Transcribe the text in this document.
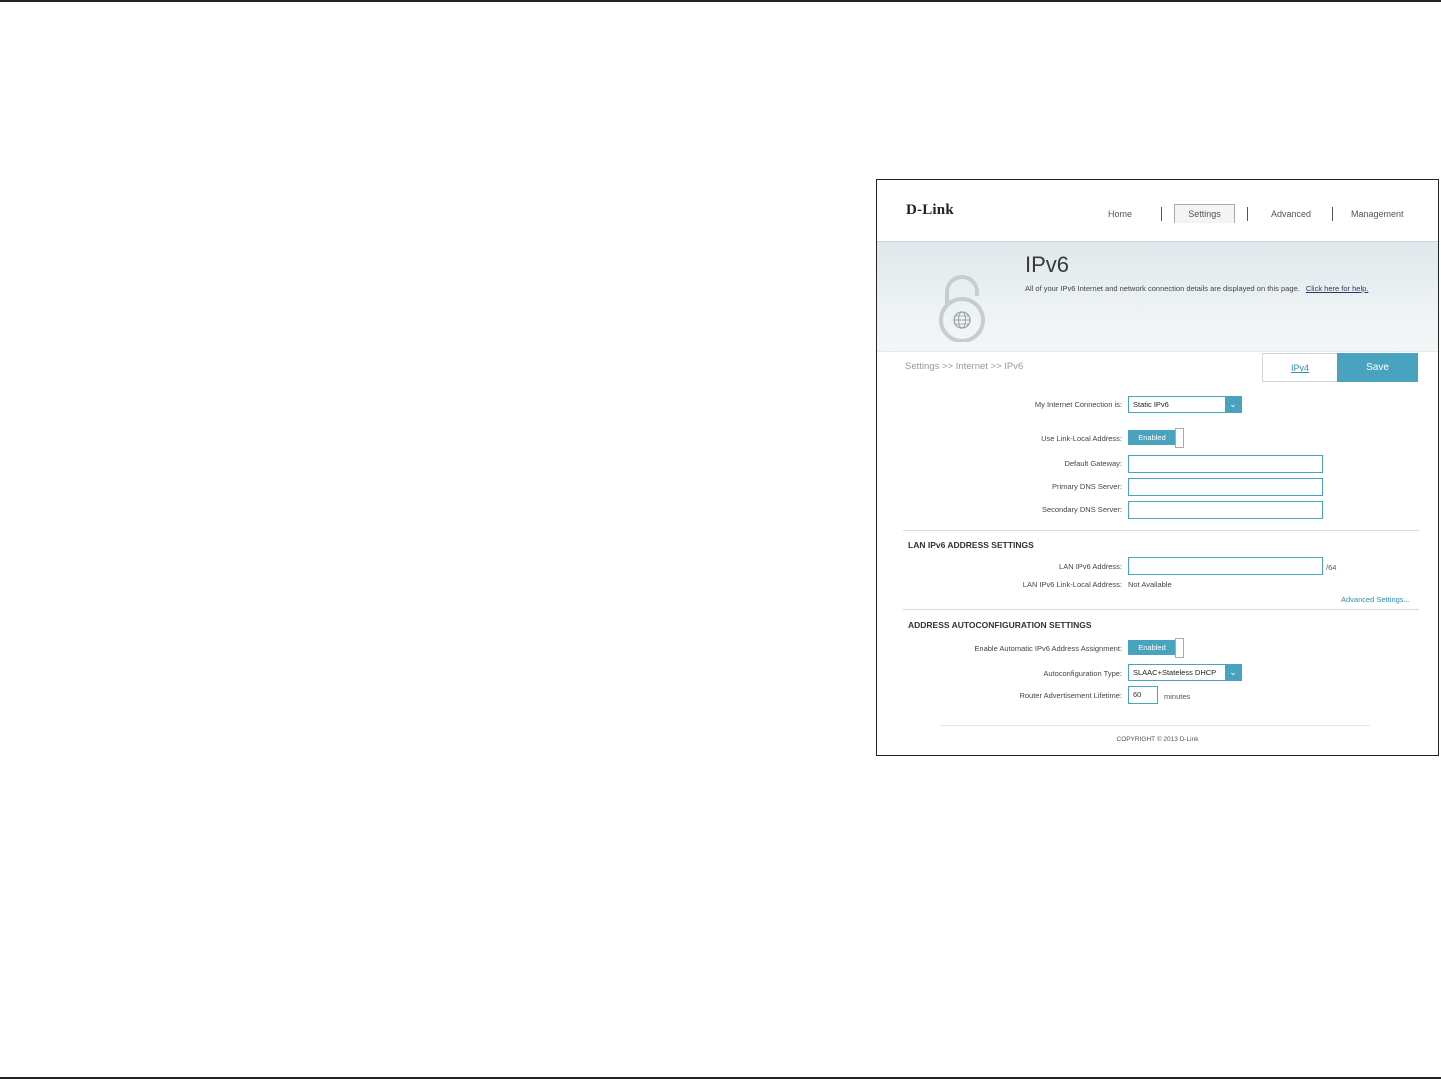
D-Link	Home	Settings	Advanced	Management
IPv6
All of your IPv6 Internet and network connection details are displayed on this page. Click here for help.
Settings >> Internet >> IPv6	IPv4	Save
My Internet Connection is:	Static IPv6	⌄
Use Link-Local Address:	Enabled
Default Gateway:
Primary DNS Server:
Secondary DNS Server:
LAN IPv6 ADDRESS SETTINGS
LAN IPv6 Address:	/64
LAN IPv6 Link-Local Address: Not Available
Advanced Settings...
ADDRESS AUTOCONFIGURATION SETTINGS
Enable Automatic IPv6 Address Assignment:	Enabled
Autoconfiguration Type:	SLAAC+Stateless DHCP	⌄
Router Advertisement Lifetime:	60	minutes
COPYRIGHT © 2013 D-Link
